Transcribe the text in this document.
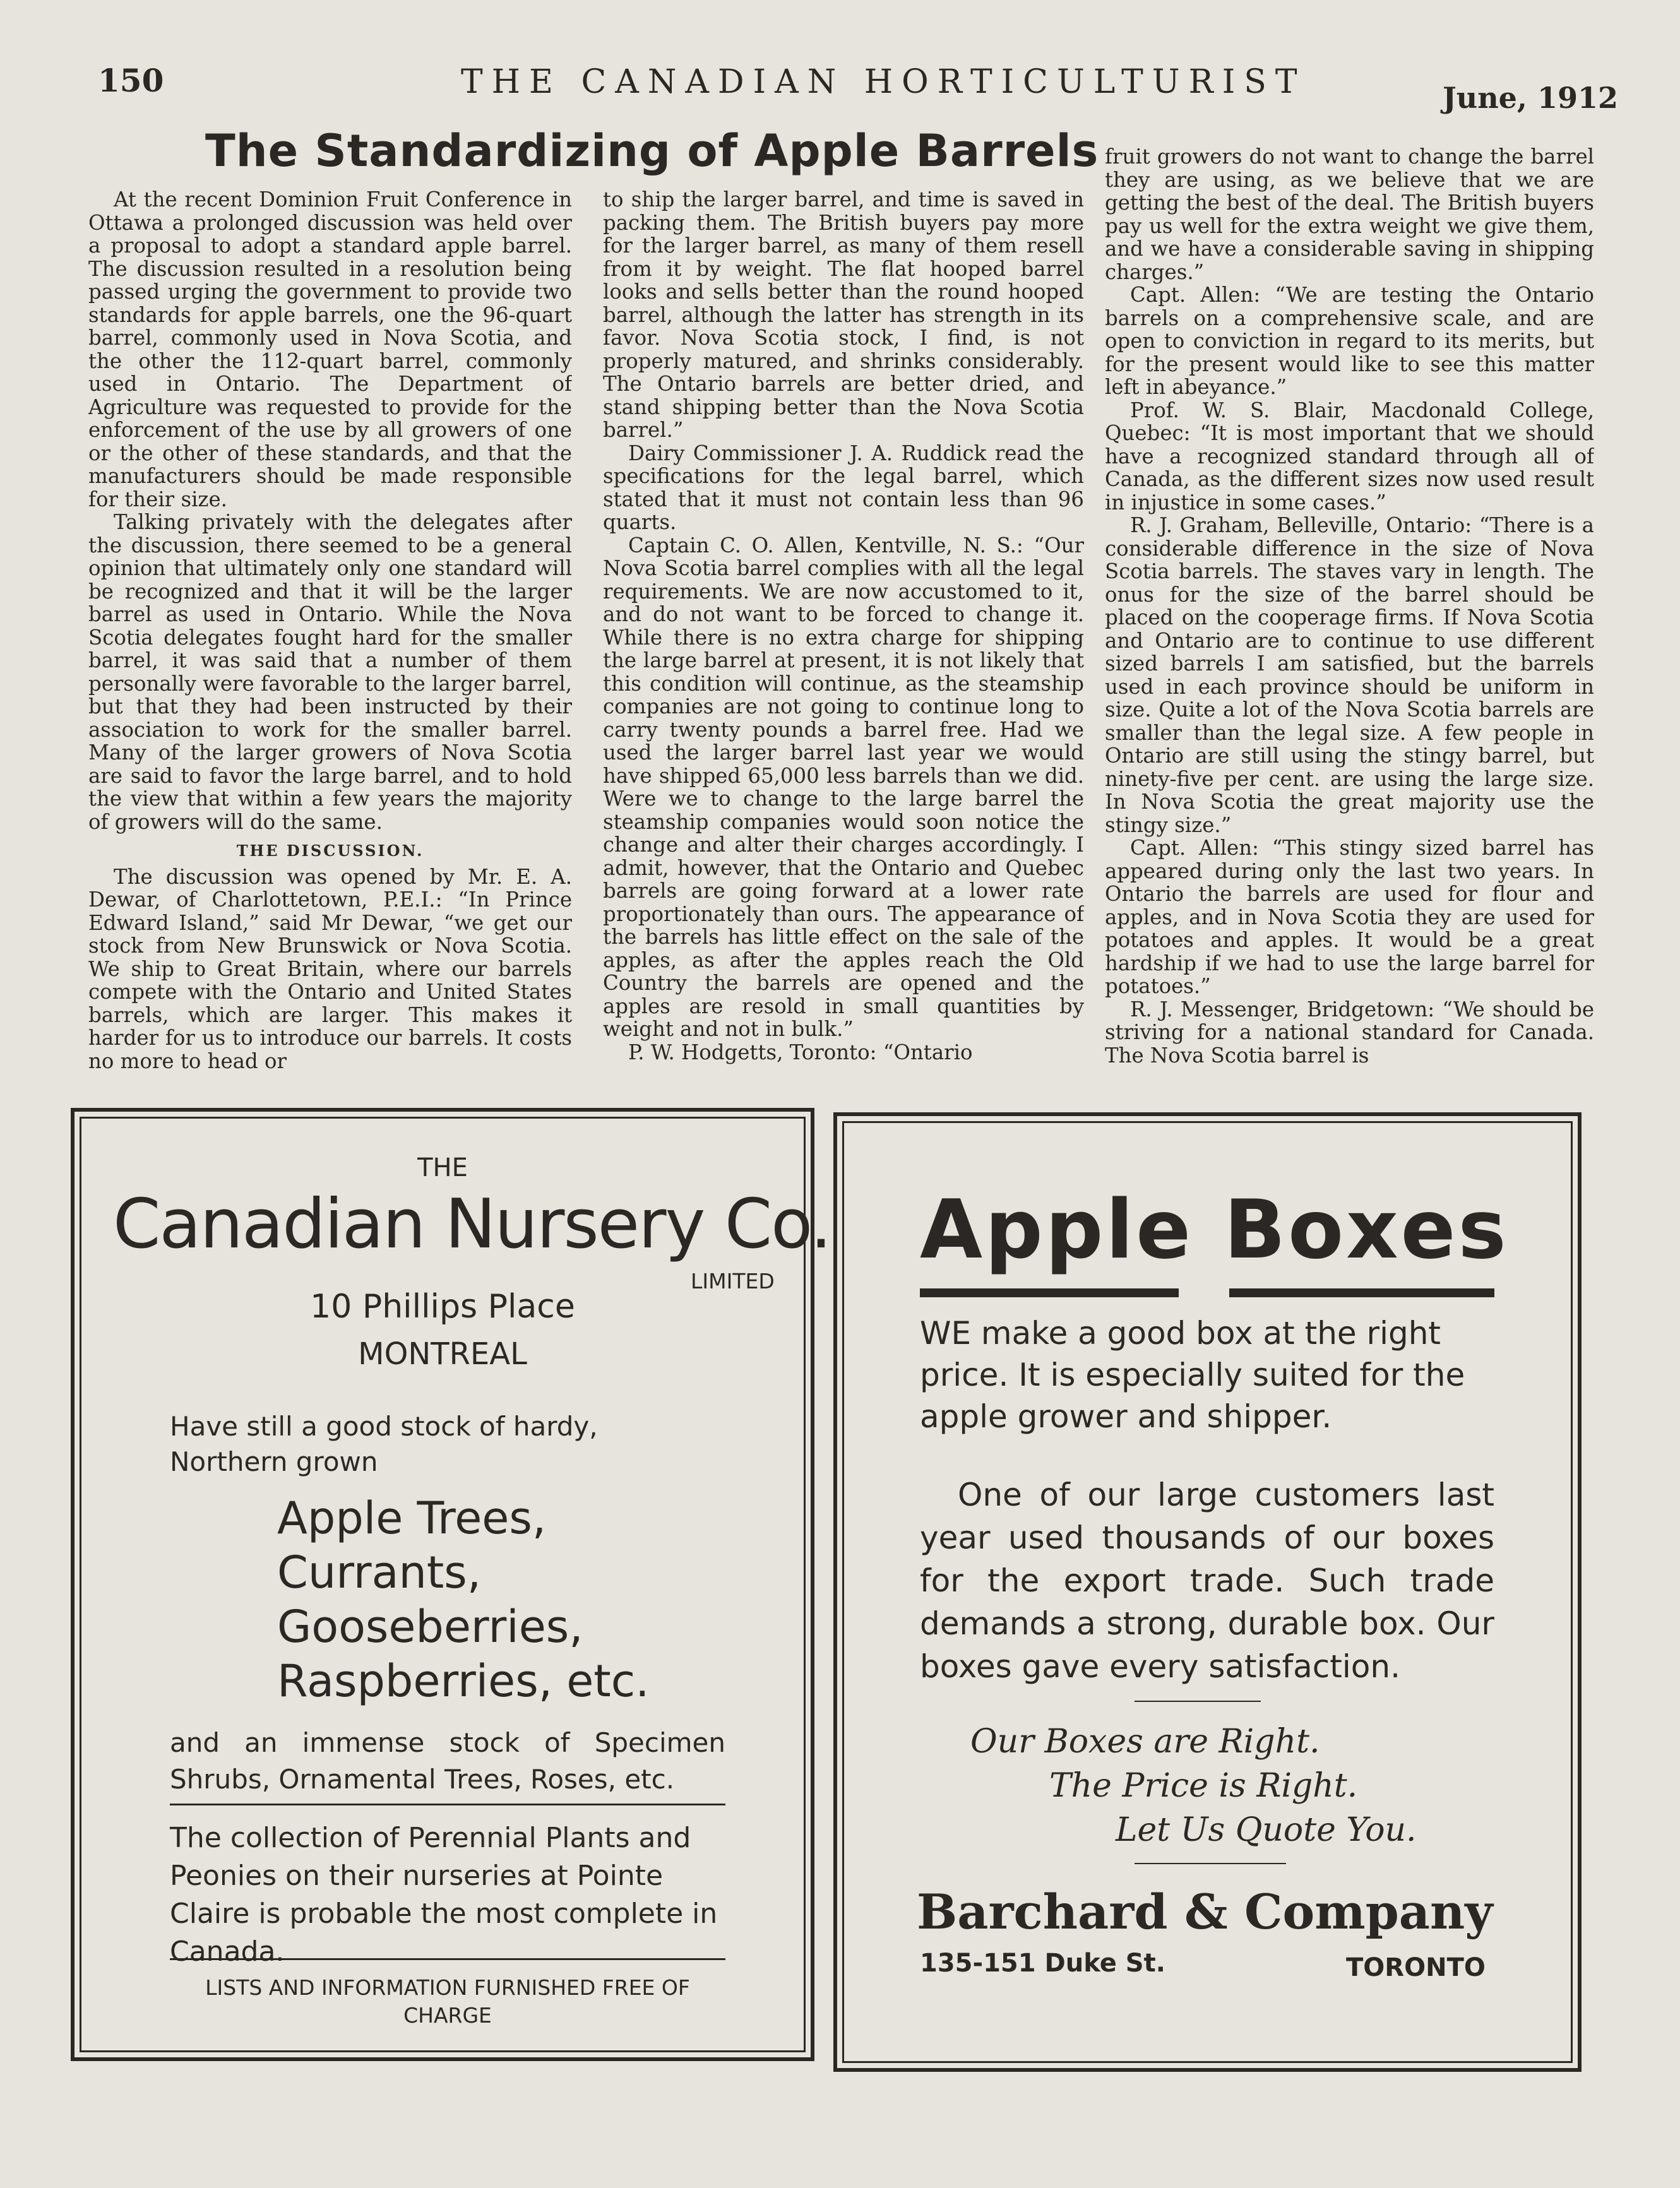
150	THE CANADIAN HORTICULTURIST	June, 1912
The Standardizing of Apple Barrels

At the recent Dominion Fruit Conference in Ottawa a prolonged discussion was held over a proposal to adopt a standard apple barrel. The discussion resulted in a resolution being passed urging the government to provide two standards for apple barrels, one the 96-quart barrel, commonly used in Nova Scotia, and the other the 112-quart barrel, commonly used in Ontario. The Department of Agriculture was requested to provide for the enforcement of the use by all growers of one or the other of these standards, and that the manufacturers should be made responsible for their size.

Talking privately with the delegates after the discussion, there seemed to be a general opinion that ultimately only one standard will be recognized and that it will be the larger barrel as used in Ontario. While the Nova Scotia delegates fought hard for the smaller barrel, it was said that a number of them personally were favorable to the larger barrel, but that they had been instructed by their association to work for the smaller barrel. Many of the larger growers of Nova Scotia are said to favor the large barrel, and to hold the view that within a few years the majority of growers will do the same.

THE DISCUSSION.

The discussion was opened by Mr. E. A. Dewar, of Charlottetown, P.E.I.: “In Prince Edward Island,” said Mr Dewar, “we get our stock from New Brunswick or Nova Scotia. We ship to Great Britain, where our barrels compete with the Ontario and United States barrels, which are larger. This makes it harder for us to introduce our barrels. It costs no more to head or

to ship the larger barrel, and time is saved in packing them. The British buyers pay more for the larger barrel, as many of them resell from it by weight. The flat hooped barrel looks and sells better than the round hooped barrel, although the latter has strength in its favor. Nova Scotia stock, I find, is not properly matured, and shrinks considerably. The Ontario barrels are better dried, and stand shipping better than the Nova Scotia barrel.”

Dairy Commissioner J. A. Ruddick read the specifications for the legal barrel, which stated that it must not contain less than 96 quarts.

Captain C. O. Allen, Kentville, N. S.: “Our Nova Scotia barrel complies with all the legal requirements. We are now accustomed to it, and do not want to be forced to change it. While there is no extra charge for shipping the large barrel at present, it is not likely that this condition will continue, as the steamship companies are not going to continue long to carry twenty pounds a barrel free. Had we used the larger barrel last year we would have shipped 65,000 less barrels than we did. Were we to change to the large barrel the steamship companies would soon notice the change and alter their charges accordingly. I admit, however, that the Ontario and Quebec barrels are going forward at a lower rate proportionately than ours. The appearance of the barrels has little effect on the sale of the apples, as after the apples reach the Old Country the barrels are opened and the apples are resold in small quantities by weight and not in bulk.”

P. W. Hodgetts, Toronto: “Ontario

fruit growers do not want to change the barrel they are using, as we believe that we are getting the best of the deal. The British buyers pay us well for the extra weight we give them, and we have a considerable saving in shipping charges.”

Capt. Allen: “We are testing the Ontario barrels on a comprehensive scale, and are open to conviction in regard to its merits, but for the present would like to see this matter left in abeyance.”

Prof. W. S. Blair, Macdonald College, Quebec: “It is most important that we should have a recognized standard through all of Canada, as the different sizes now used result in injustice in some cases.”

R. J. Graham, Belleville, Ontario: “There is a considerable difference in the size of Nova Scotia barrels. The staves vary in length. The onus for the size of the barrel should be placed on the cooperage firms. If Nova Scotia and Ontario are to continue to use different sized barrels I am satisfied, but the barrels used in each province should be uniform in size. Quite a lot of the Nova Scotia barrels are smaller than the legal size. A few people in Ontario are still using the stingy barrel, but ninety-five per cent. are using the large size. In Nova Scotia the great majority use the stingy size.”

Capt. Allen: “This stingy sized barrel has appeared during only the last two years. In Ontario the barrels are used for flour and apples, and in Nova Scotia they are used for potatoes and apples. It would be a great hardship if we had to use the large barrel for potatoes.”

R. J. Messenger, Bridgetown: “We should be striving for a national standard for Canada. The Nova Scotia barrel is

THE
Canadian Nursery Co.
LIMITED
10 Phillips Place
MONTREAL
Have still a good stock of hardy, Northern grown
Apple Trees,
Currants,
Gooseberries,
Raspberries, etc.
and an immense stock of Specimen Shrubs, Ornamental Trees, Roses, etc.
The collection of Perennial Plants and Peonies on their nurseries at Pointe Claire is probable the most complete in Canada.
LISTS AND INFORMATION FURNISHED FREE OF CHARGE
Apple Boxes
WE make a good box at the right price. It is especially suited for the apple grower and shipper.
One of our large customers last year used thousands of our boxes for the export trade. Such trade demands a strong, durable box. Our boxes gave every satisfaction.
Our Boxes are Right.
The Price is Right.
Let Us Quote You.
Barchard & Company
135-151 Duke St.	TORONTO
